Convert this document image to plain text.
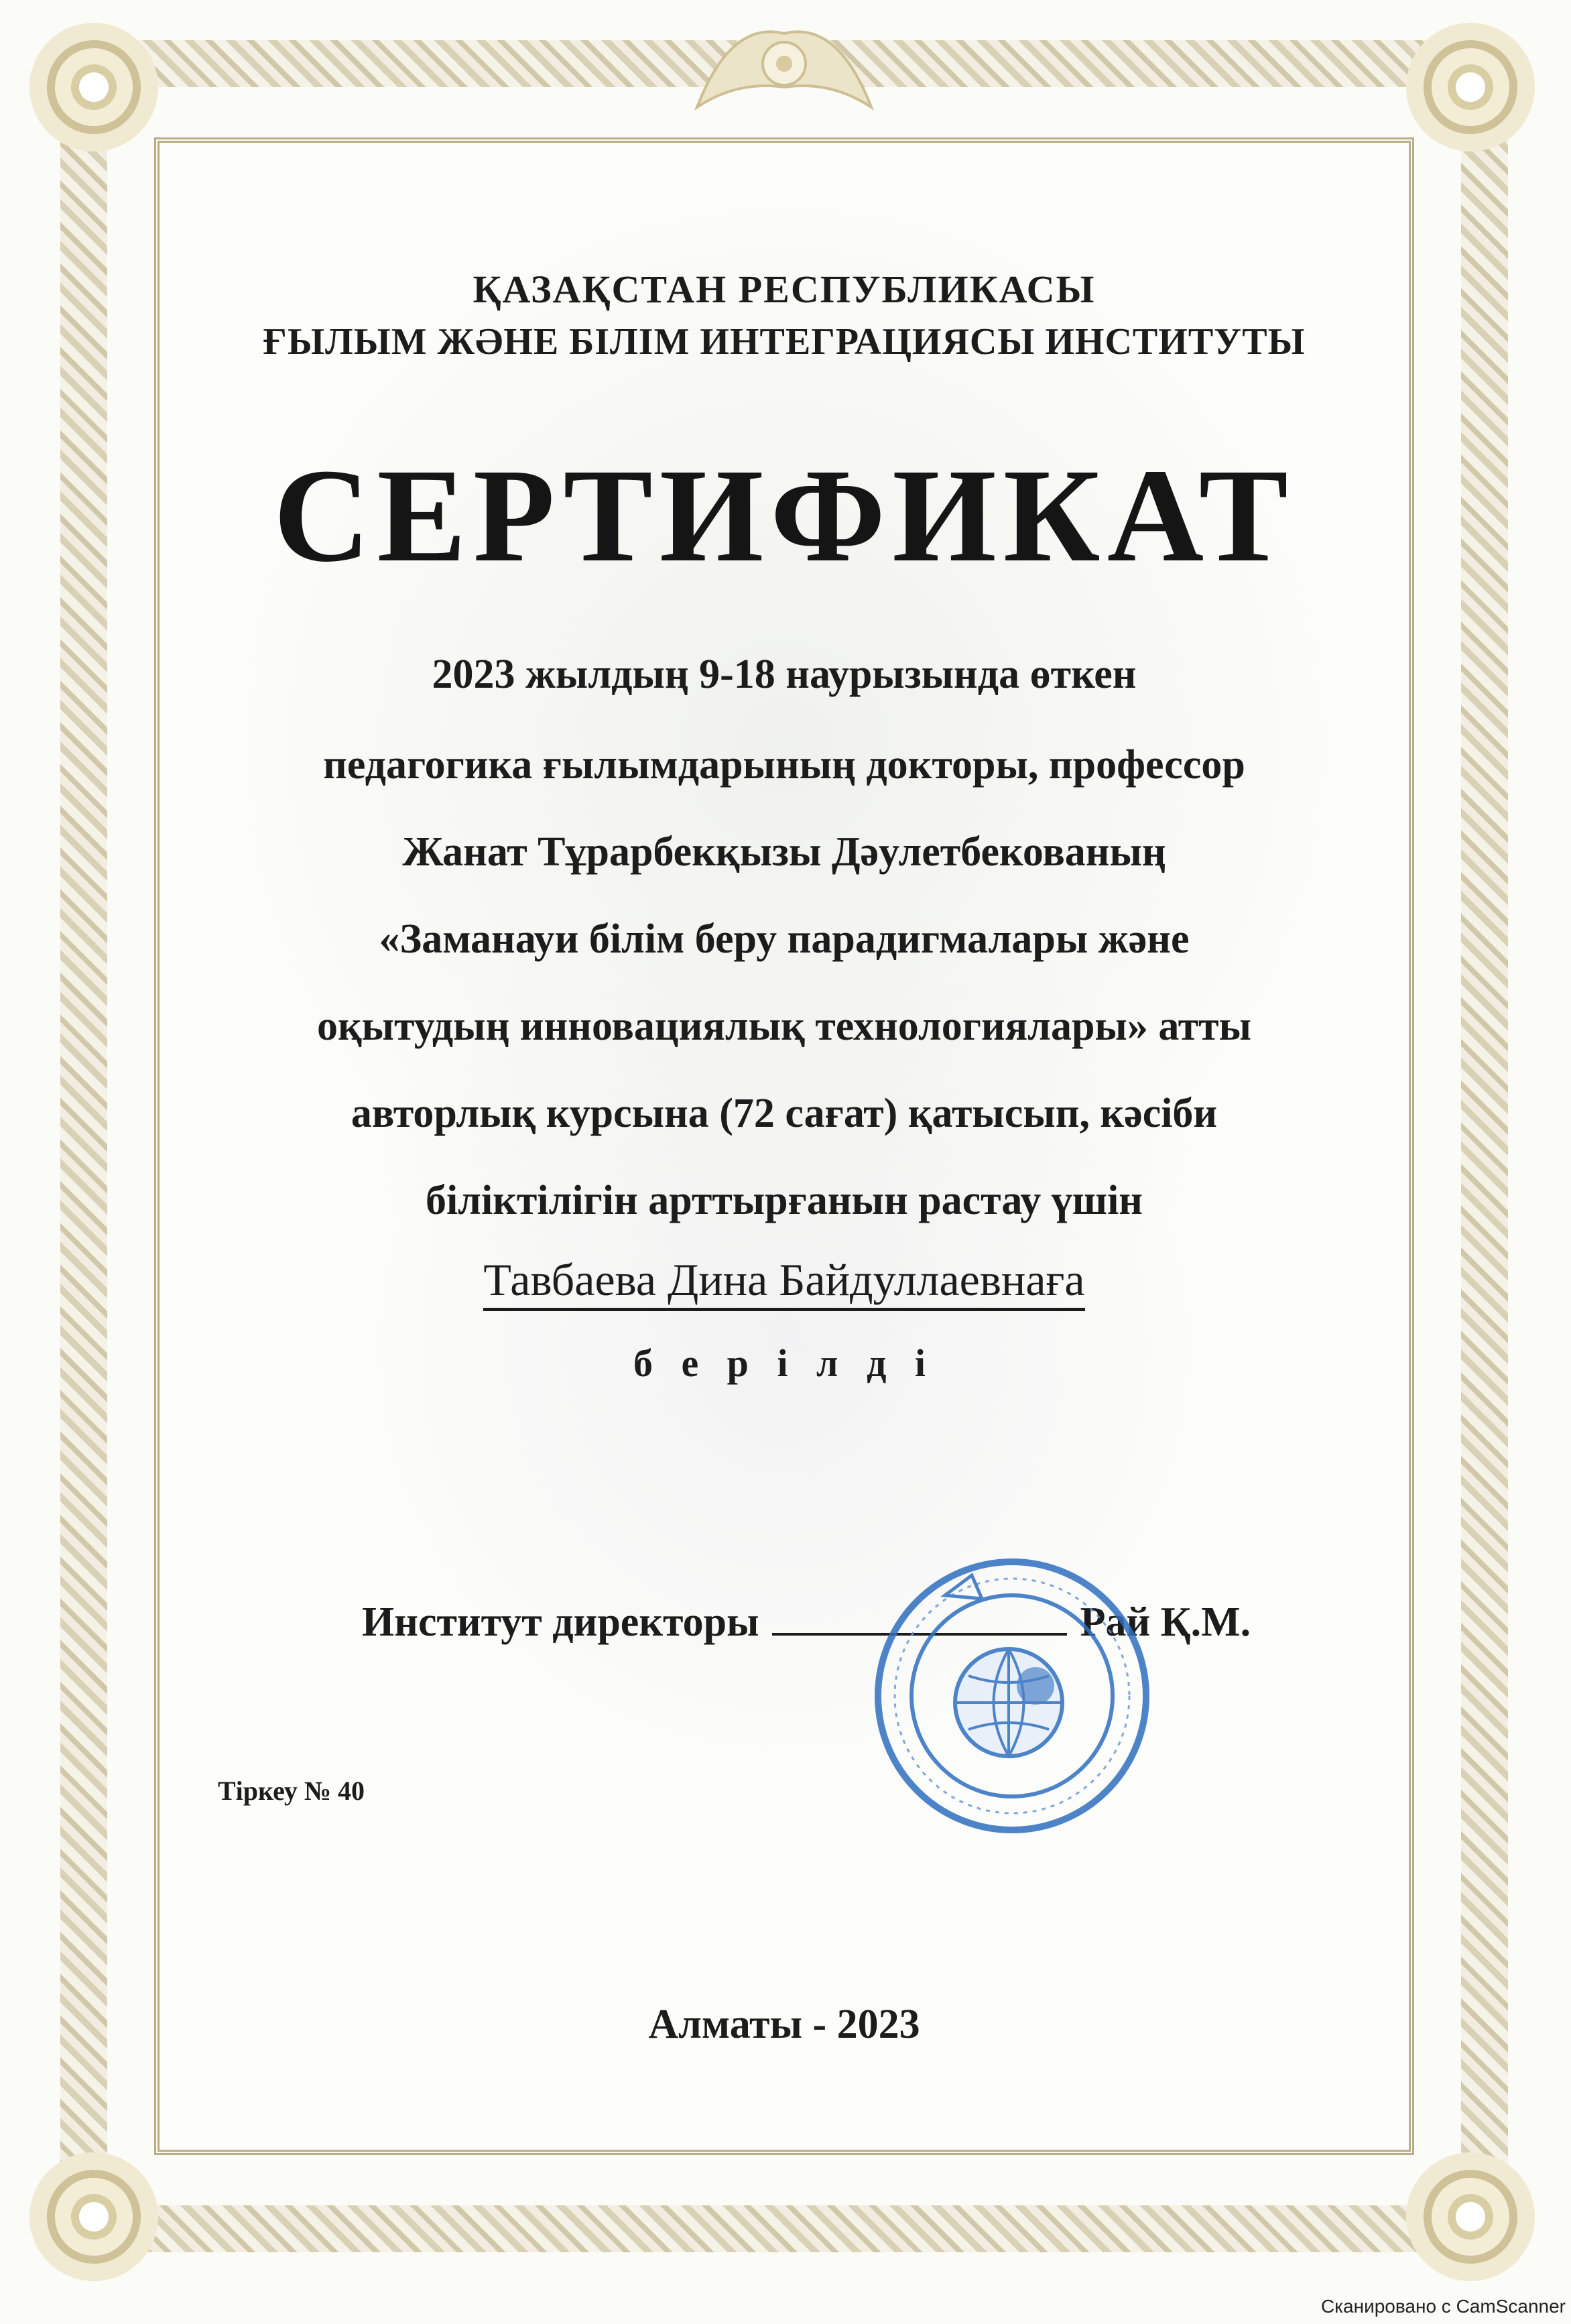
ҚАЗАҚСТАН РЕСПУБЛИКАСЫ
ҒЫЛЫМ ЖӘНЕ БІЛІМ ИНТЕГРАЦИЯСЫ ИНСТИТУТЫ
СЕРТИФИКАТ
2023 жылдың 9-18 наурызында өткен
педагогика ғылымдарының докторы, профессор
Жанат Тұрарбекқызы Дәулетбекованың
«Заманауи білім беру парадигмалары және
оқытудың инновациялық технологиялары» атты
авторлық курсына (72 сағат) қатысып, кәсіби
біліктілігін арттырғанын растау үшін
Тавбаева Дина Байдуллаевнаға
б е р і л д і
Институт директоры	Рай Қ.М.
Тіркеу № 40
Алматы - 2023
Сканировано с CamScanner
